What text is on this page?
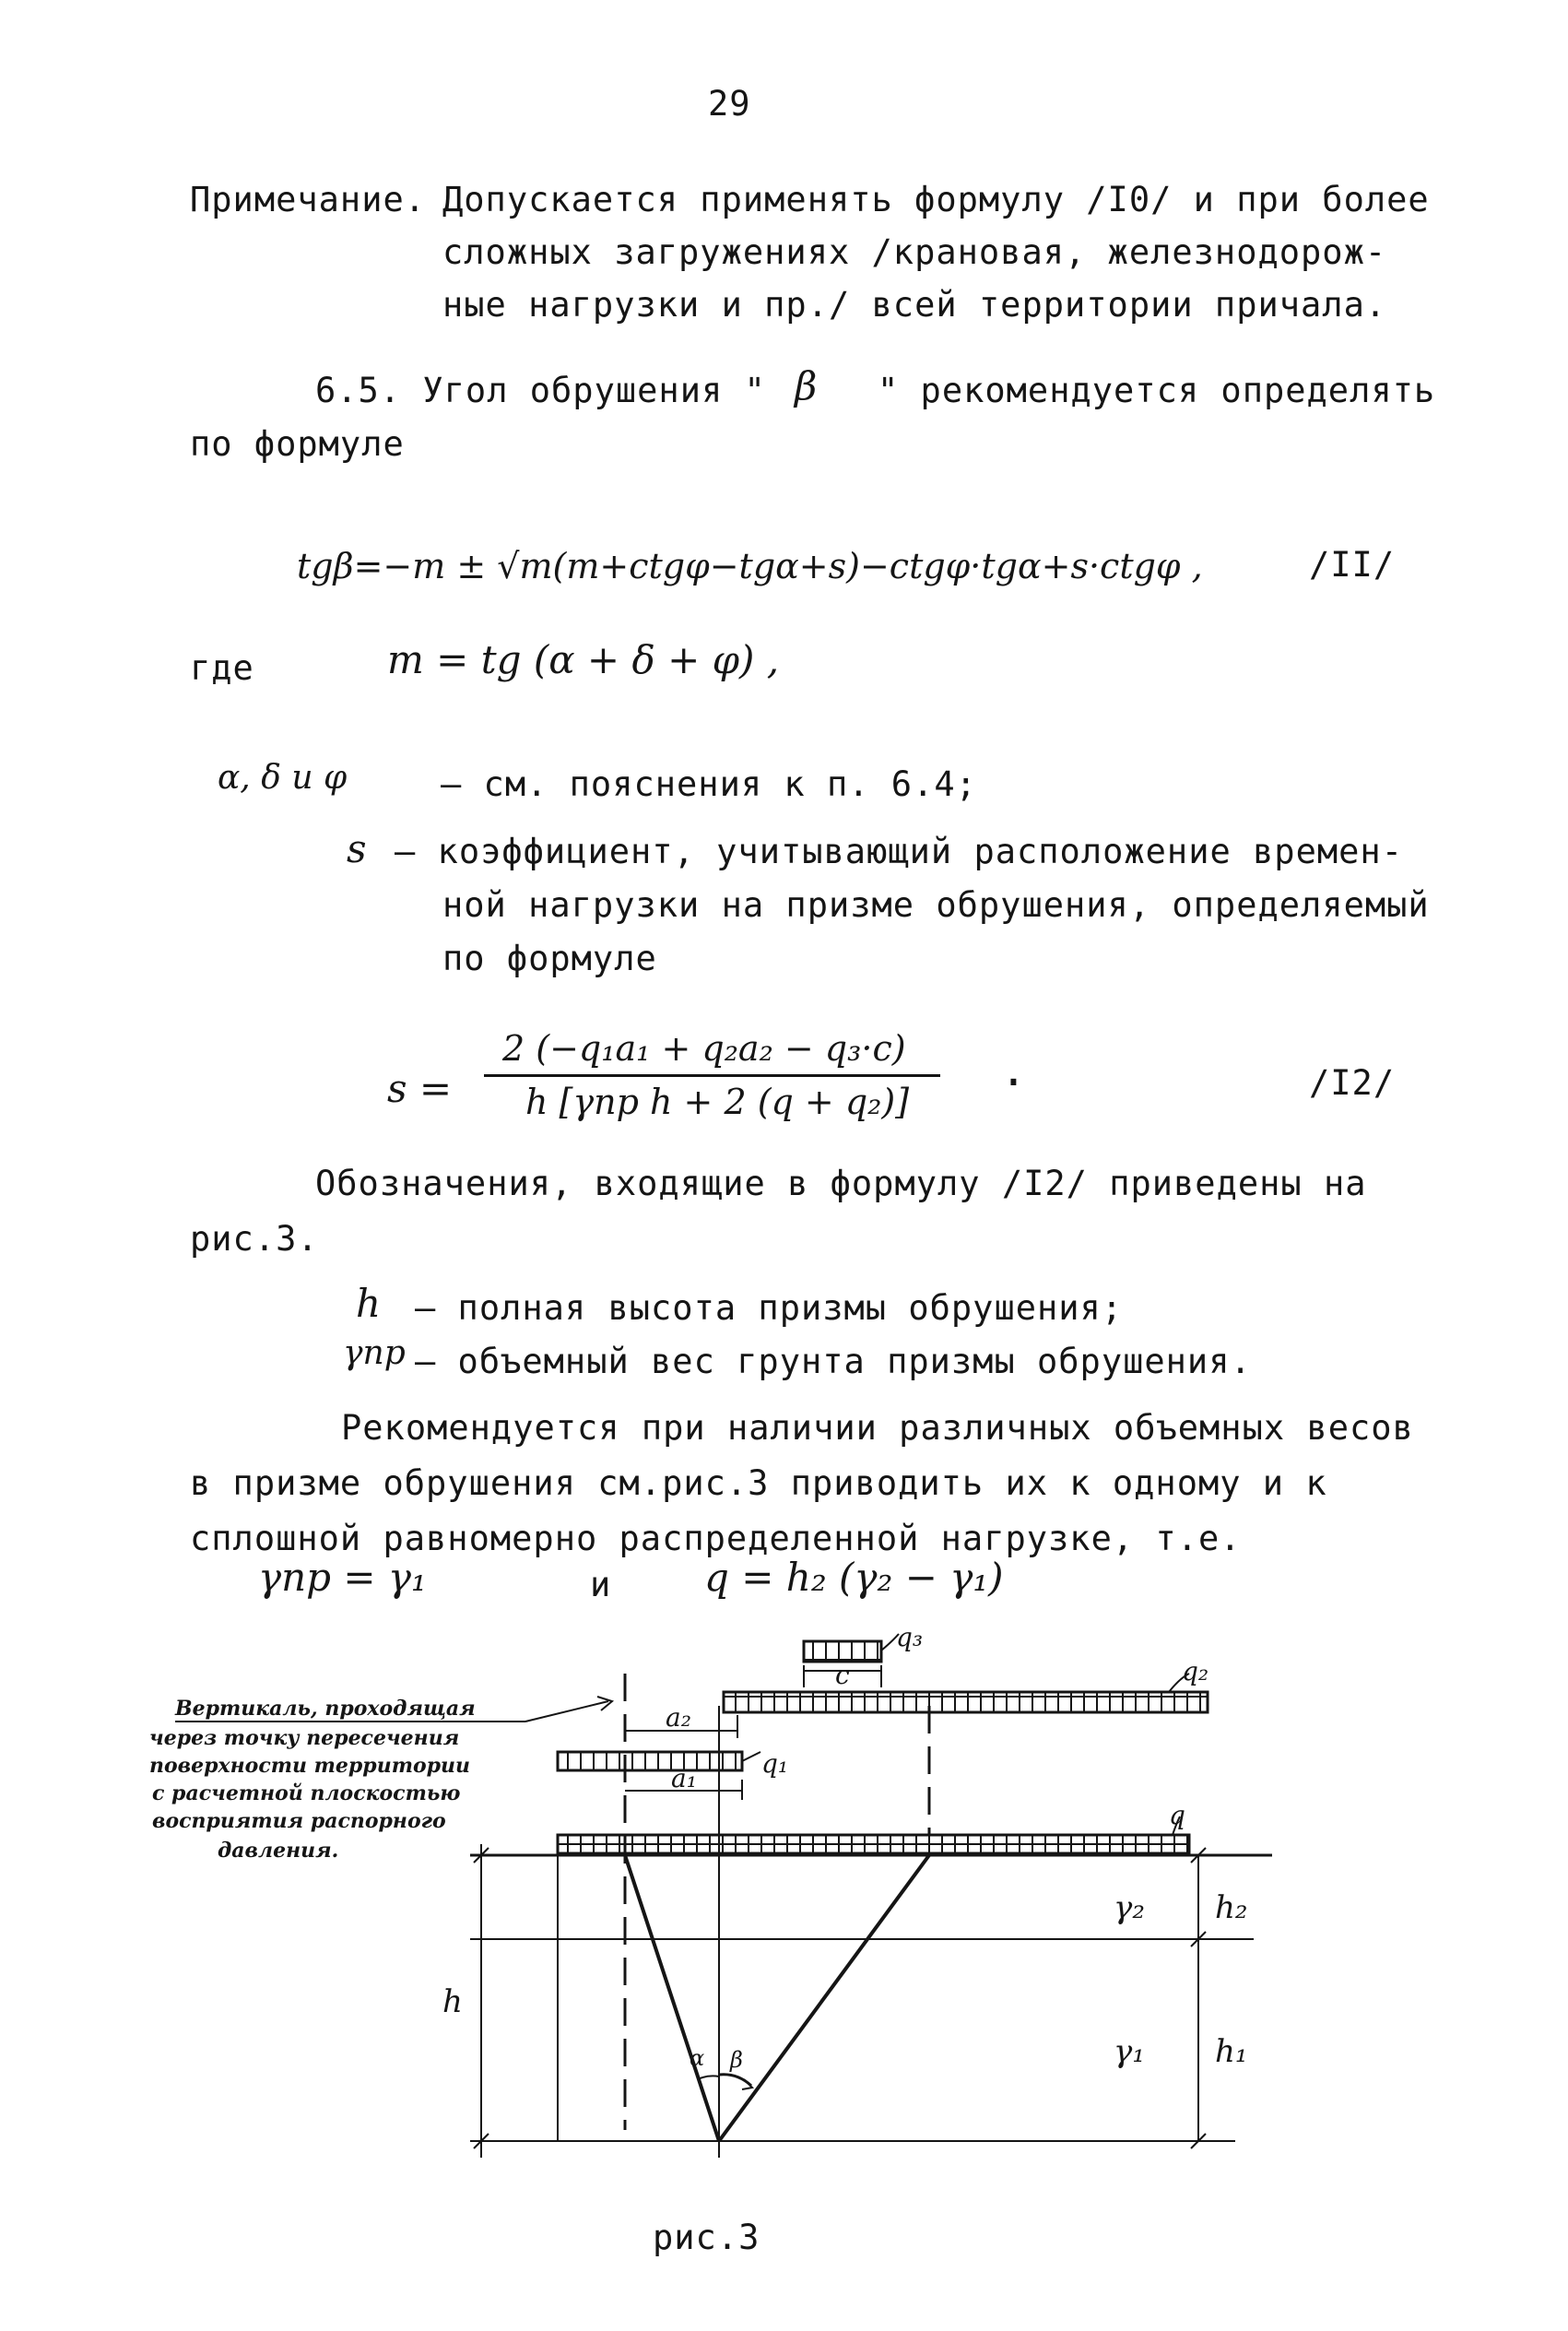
29
Примечание. Допускается применять формулу /I0/ и при более
сложных загружениях /крановая, железнодорож-
ные нагрузки и пр./ всей территории причала.
6.5. Угол обрушения " β " рекомендуется определять
по формуле
tgβ=−m ± √m(m+ctgφ−tgα+s)−ctgφ·tgα+s·ctgφ ,	/II/
где	m = tg (α + δ + φ) ,
α, δ и φ	– см. пояснения к п. 6.4;
s – коэффициент, учитывающий расположение времен-
ной нагрузки на призме обрушения, определяемый
по формуле
s =
2 (−q₁a₁ + q₂a₂ − q₃·c)
h [γпр h + 2 (q + q₂)] ·	/I2/
Обозначения, входящие в формулу /I2/ приведены на
рис.3.
h – полная высота призмы обрушения;
γпр – объемный вес грунта призмы обрушения.
Рекомендуется при наличии различных объемных весов
в призме обрушения см.рис.3 приводить их к одному и к
сплошной равномерно распределенной нагрузке, т.е.
γпр = γ₁	и q = h₂ (γ₂ − γ₁)
Вертикаль, проходящая
через точку пересечения
поверхности территории
с расчетной плоскостью
восприятия распорного
давления.
q₃
c	q₂
a₂
q₁
a₁
q
γ₂ h₂
h
γ₁ h₁
α β
рис.3
